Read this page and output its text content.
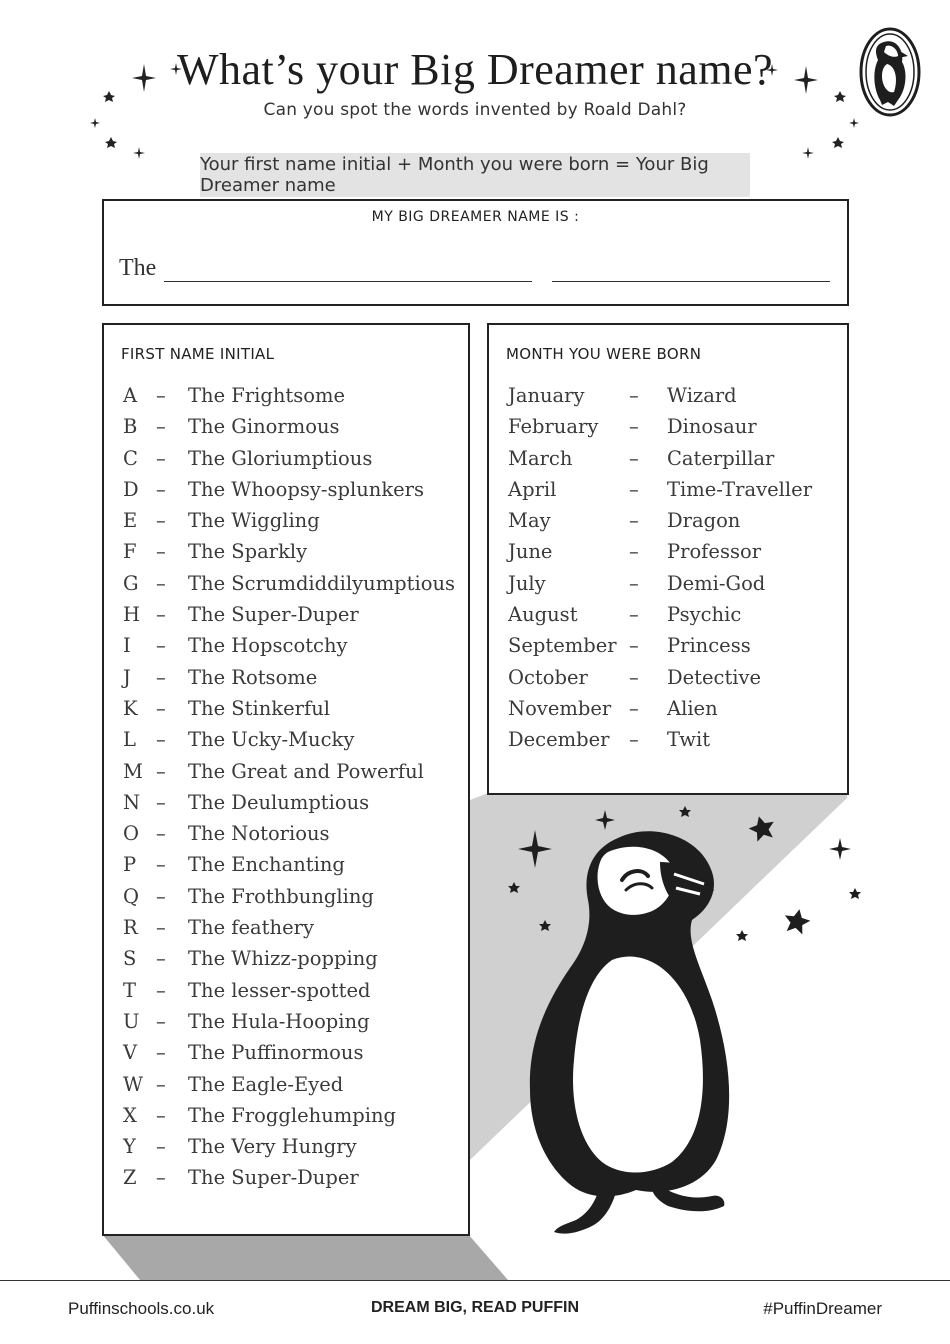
What’s your Big Dreamer name?
Can you spot the words invented by Roald Dahl?
Your first name initial + Month you were born = Your Big Dreamer name
MY BIG DREAMER NAME IS :
The
FIRST NAME INITIAL
A – The Frightsome
B – The Ginormous
C – The Gloriumptious
D – The Whoopsy-splunkers
E – The Wiggling
F – The Sparkly
G – The Scrumdiddilyumptious
H – The Super-Duper
I – The Hopscotchy
J – The Rotsome
K – The Stinkerful
L – The Ucky-Mucky
M – The Great and Powerful
N – The Deulumptious
O – The Notorious
P – The Enchanting
Q – The Frothbungling
R – The feathery
S – The Whizz-popping
T – The lesser-spotted
U – The Hula-Hooping
V – The Puffinormous
W – The Eagle-Eyed
X – The Frogglehumping
Y – The Very Hungry
Z – The Super-Duper
MONTH YOU WERE BORN
January – Wizard
February – Dinosaur
March	– Caterpillar
April	– Time-Traveller
May	– Dragon
June	– Professor
July	– Demi-God
August	– Psychic
September – Princess
October – Detective
November – Alien
December – Twit
Puffinschools.co.uk	DREAM BIG, READ PUFFIN	#PuffinDreamer
